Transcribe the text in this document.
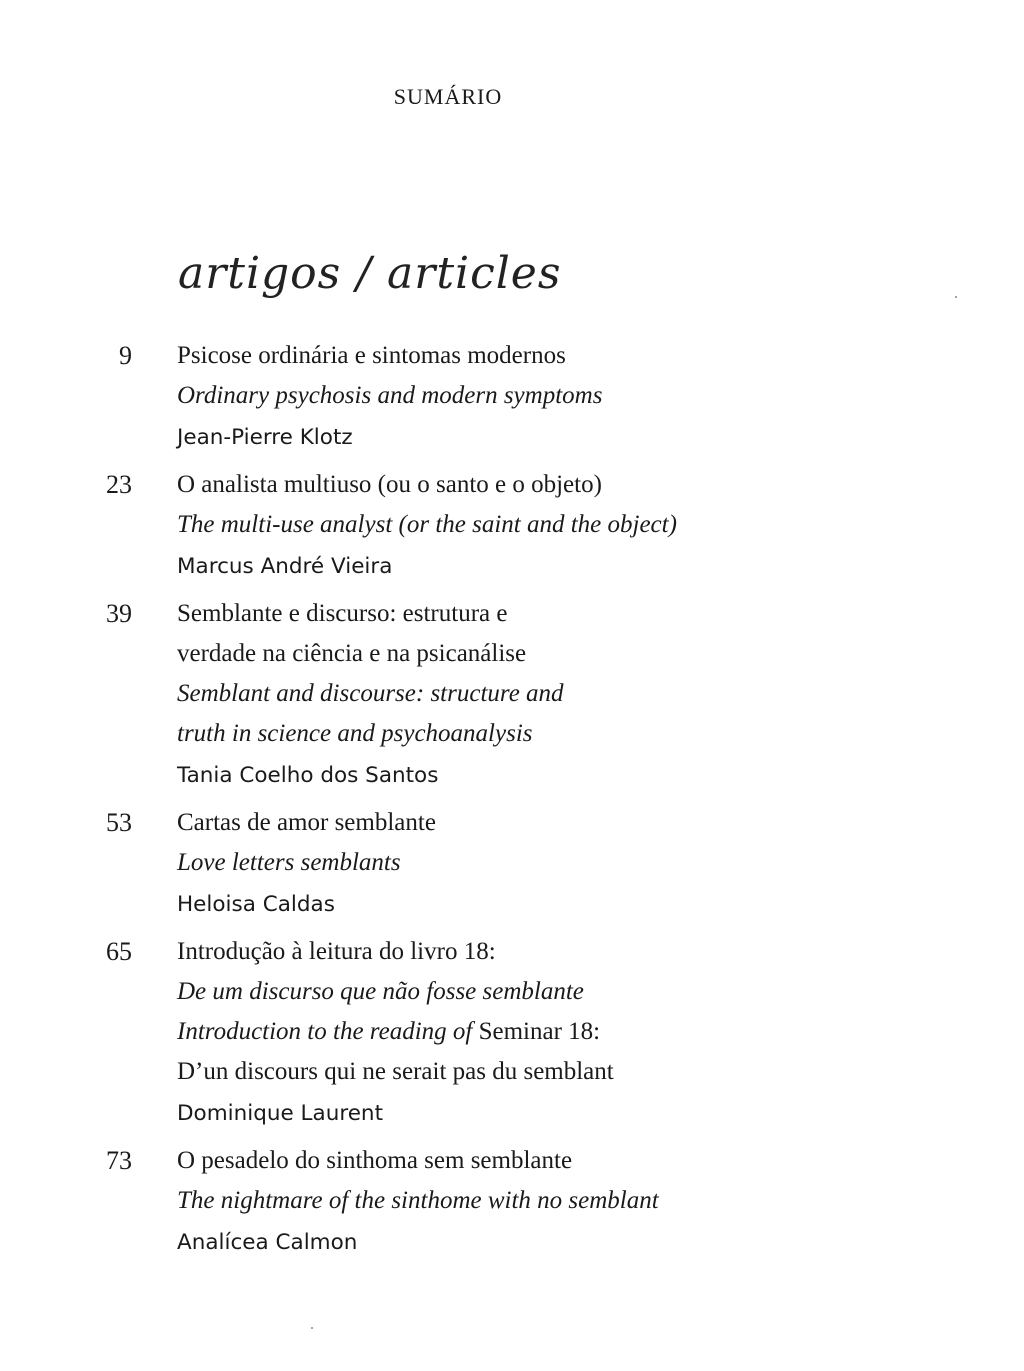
SUMÁRIO
artigos / articles
9 Psicose ordinária e sintomas modernos
Ordinary psychosis and modern symptoms
Jean-Pierre Klotz
23 O analista multiuso (ou o santo e o objeto)
The multi-use analyst (or the saint and the object)
Marcus André Vieira
39 Semblante e discurso: estrutura e
verdade na ciência e na psicanálise
Semblant and discourse: structure and
truth in science and psychoanalysis
Tania Coelho dos Santos
53 Cartas de amor semblante
Love letters semblants
Heloisa Caldas
65 Introdução à leitura do livro 18:
De um discurso que não fosse semblante
Introduction to the reading of Seminar 18:
D’un discours qui ne serait pas du semblant
Dominique Laurent
73 O pesadelo do sinthoma sem semblante
The nightmare of the sinthome with no semblant
Analícea Calmon
